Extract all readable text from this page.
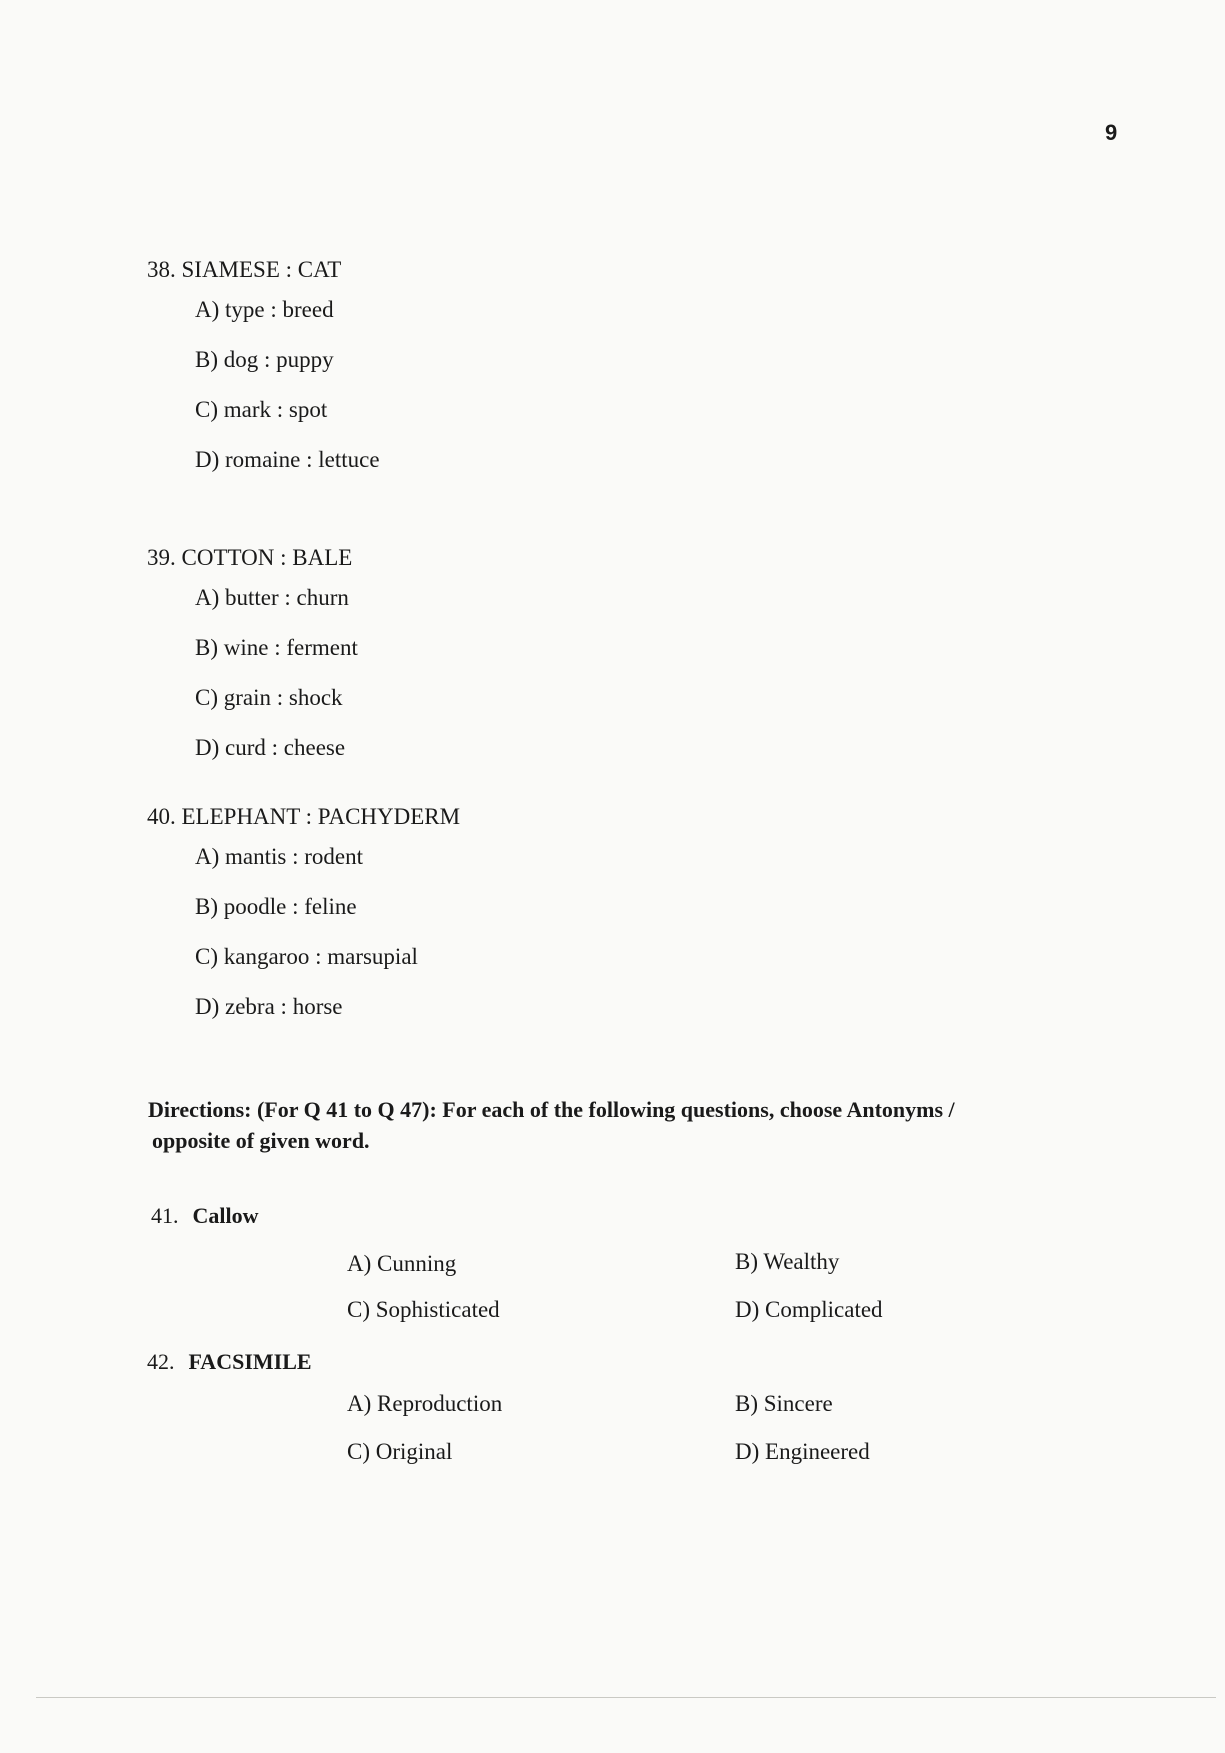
9
38. SIAMESE : CAT
A) type : breed
B) dog : puppy
C) mark : spot
D) romaine : lettuce
39. COTTON : BALE
A) butter : churn
B) wine : ferment
C) grain : shock
D) curd : cheese
40. ELEPHANT : PACHYDERM
A) mantis : rodent
B) poodle : feline
C) kangaroo : marsupial
D) zebra : horse
Directions: (For Q 41 to Q 47): For each of the following questions, choose Antonyms /
opposite of given word.
41. Callow
A) Cunning	B) Wealthy
C) Sophisticated	D) Complicated
42. FACSIMILE
A) Reproduction	B) Sincere
C) Original	D) Engineered
